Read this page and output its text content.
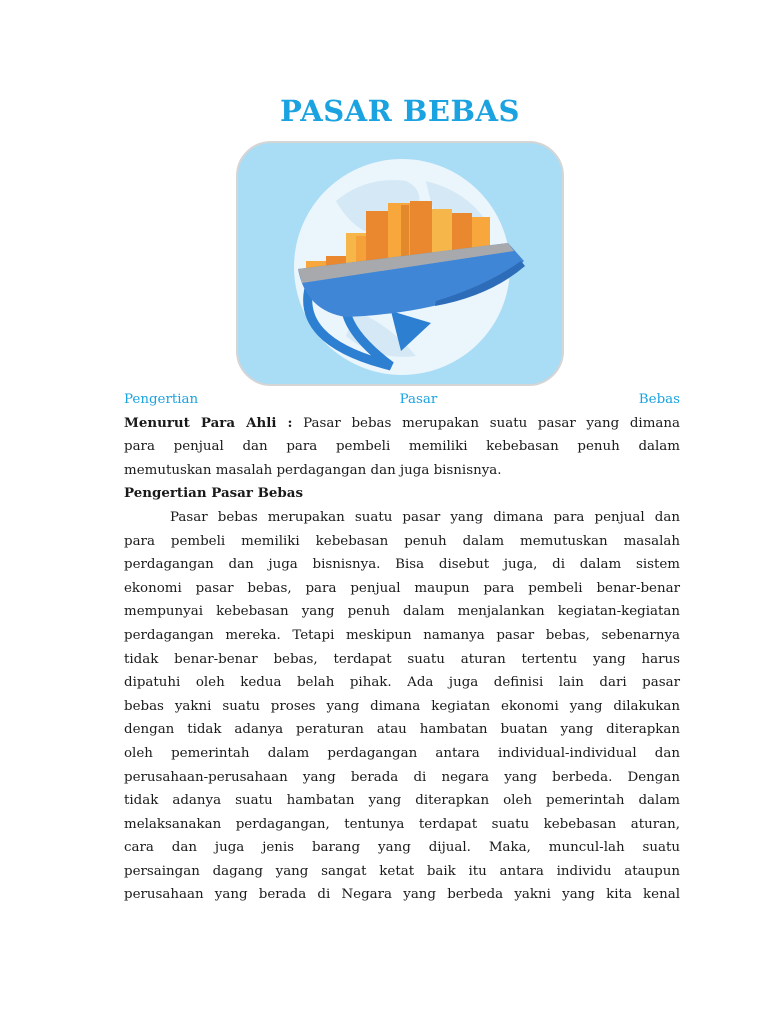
PASAR BEBAS
Pengertian Pasar Bebas
Menurut Para Ahli : Pasar bebas merupakan suatu pasar yang dimana
para penjual dan para pembeli memiliki kebebasan penuh dalam
memutuskan masalah perdagangan dan juga bisnisnya.
Pengertian Pasar Bebas
Pasar bebas merupakan suatu pasar yang dimana para penjual dan
para pembeli memiliki kebebasan penuh dalam memutuskan masalah
perdagangan dan juga bisnisnya. Bisa disebut juga, di dalam sistem
ekonomi pasar bebas, para penjual maupun para pembeli benar-benar
mempunyai kebebasan yang penuh dalam menjalankan kegiatan-kegiatan
perdagangan mereka. Tetapi meskipun namanya pasar bebas, sebenarnya
tidak benar-benar bebas, terdapat suatu aturan tertentu yang harus
dipatuhi oleh kedua belah pihak. Ada juga definisi lain dari pasar
bebas yakni suatu proses yang dimana kegiatan ekonomi yang dilakukan
dengan tidak adanya peraturan atau hambatan buatan yang diterapkan
oleh pemerintah dalam perdagangan antara individual-individual dan
perusahaan-perusahaan yang berada di negara yang berbeda. Dengan
tidak adanya suatu hambatan yang diterapkan oleh pemerintah dalam
melaksanakan perdagangan, tentunya terdapat suatu kebebasan aturan,
cara dan juga jenis barang yang dijual. Maka, muncul-lah suatu
persaingan dagang yang sangat ketat baik itu antara individu ataupun
perusahaan yang berada di Negara yang berbeda yakni yang kita kenal
